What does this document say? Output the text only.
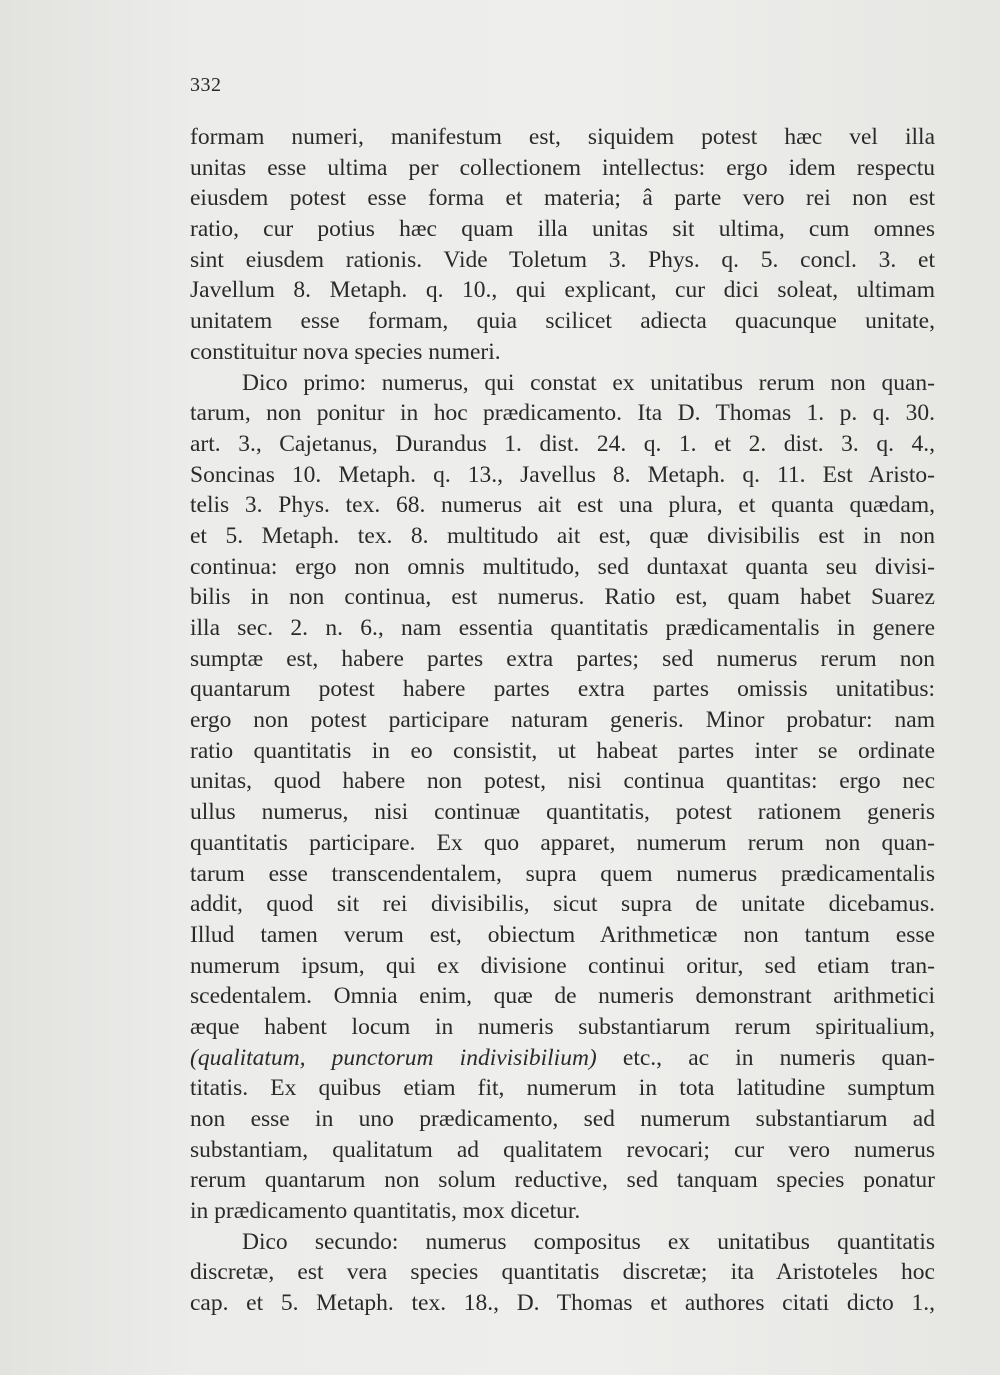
332
formam numeri, manifestum est, siquidem potest hæc vel illa
unitas esse ultima per collectionem intellectus: ergo idem respectu
eiusdem potest esse forma et materia; â parte vero rei non est
ratio, cur potius hæc quam illa unitas sit ultima, cum omnes
sint eiusdem rationis. Vide Toletum 3. Phys. q. 5. concl. 3. et
Javellum 8. Metaph. q. 10., qui explicant, cur dici soleat, ultimam
unitatem esse formam, quia scilicet adiecta quacunque unitate,
constituitur nova species numeri.
Dico primo: numerus, qui constat ex unitatibus rerum non quan-
tarum, non ponitur in hoc prædicamento. Ita D. Thomas 1. p. q. 30.
art. 3., Cajetanus, Durandus 1. dist. 24. q. 1. et 2. dist. 3. q. 4.,
Soncinas 10. Metaph. q. 13., Javellus 8. Metaph. q. 11. Est Aristo-
telis 3. Phys. tex. 68. numerus ait est una plura, et quanta quædam,
et 5. Metaph. tex. 8. multitudo ait est, quæ divisibilis est in non
continua: ergo non omnis multitudo, sed duntaxat quanta seu divisi-
bilis in non continua, est numerus. Ratio est, quam habet Suarez
illa sec. 2. n. 6., nam essentia quantitatis prædicamentalis in genere
sumptæ est, habere partes extra partes; sed numerus rerum non
quantarum potest habere partes extra partes omissis unitatibus:
ergo non potest participare naturam generis. Minor probatur: nam
ratio quantitatis in eo consistit, ut habeat partes inter se ordinate
unitas, quod habere non potest, nisi continua quantitas: ergo nec
ullus numerus, nisi continuæ quantitatis, potest rationem generis
quantitatis participare. Ex quo apparet, numerum rerum non quan-
tarum esse transcendentalem, supra quem numerus prædicamentalis
addit, quod sit rei divisibilis, sicut supra de unitate dicebamus.
Illud tamen verum est, obiectum Arithmeticæ non tantum esse
numerum ipsum, qui ex divisione continui oritur, sed etiam tran-
scedentalem. Omnia enim, quæ de numeris demonstrant arithmetici
æque habent locum in numeris substantiarum rerum spiritualium,
(qualitatum, punctorum indivisibilium) etc., ac in numeris quan-
titatis. Ex quibus etiam fit, numerum in tota latitudine sumptum
non esse in uno prædicamento, sed numerum substantiarum ad
substantiam, qualitatum ad qualitatem revocari; cur vero numerus
rerum quantarum non solum reductive, sed tanquam species ponatur
in prædicamento quantitatis, mox dicetur.
Dico secundo: numerus compositus ex unitatibus quantitatis
discretæ, est vera species quantitatis discretæ; ita Aristoteles hoc
cap. et 5. Metaph. tex. 18., D. Thomas et authores citati dicto 1.,
